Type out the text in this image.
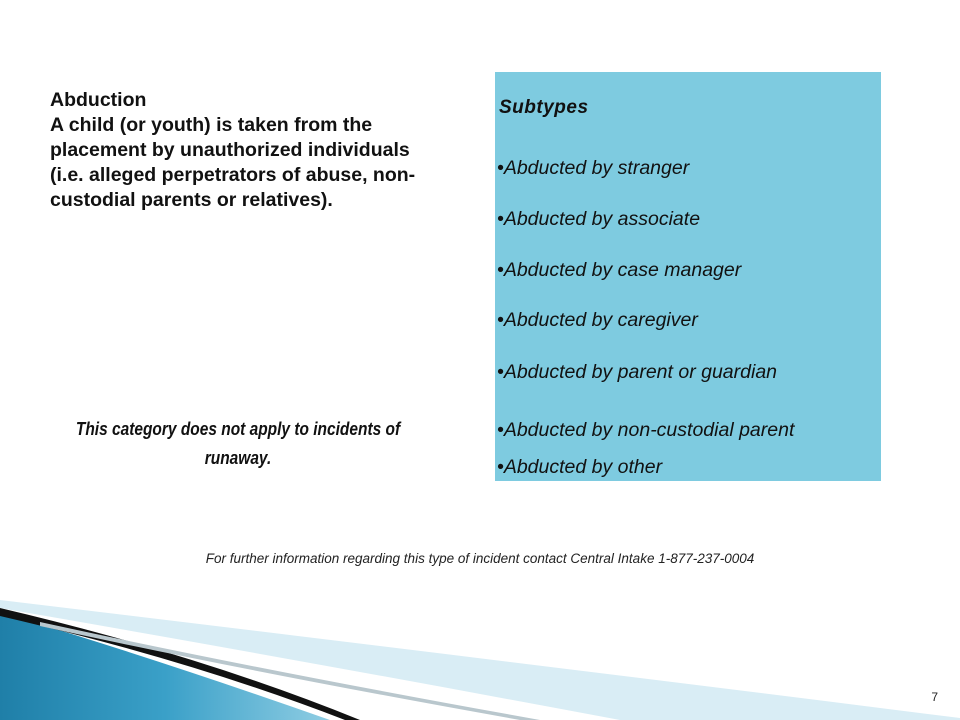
Abduction
A child (or youth) is taken from the placement by unauthorized individuals (i.e. alleged perpetrators of abuse, non-custodial parents or relatives).
This category does not apply to incidents of runaway.
Subtypes
•Abducted by stranger
•Abducted by associate
•Abducted by case manager
•Abducted by caregiver
•Abducted by parent or guardian
•Abducted by non-custodial parent
•Abducted by other
For further information regarding this type of incident contact Central Intake 1-877-237-0004
7
